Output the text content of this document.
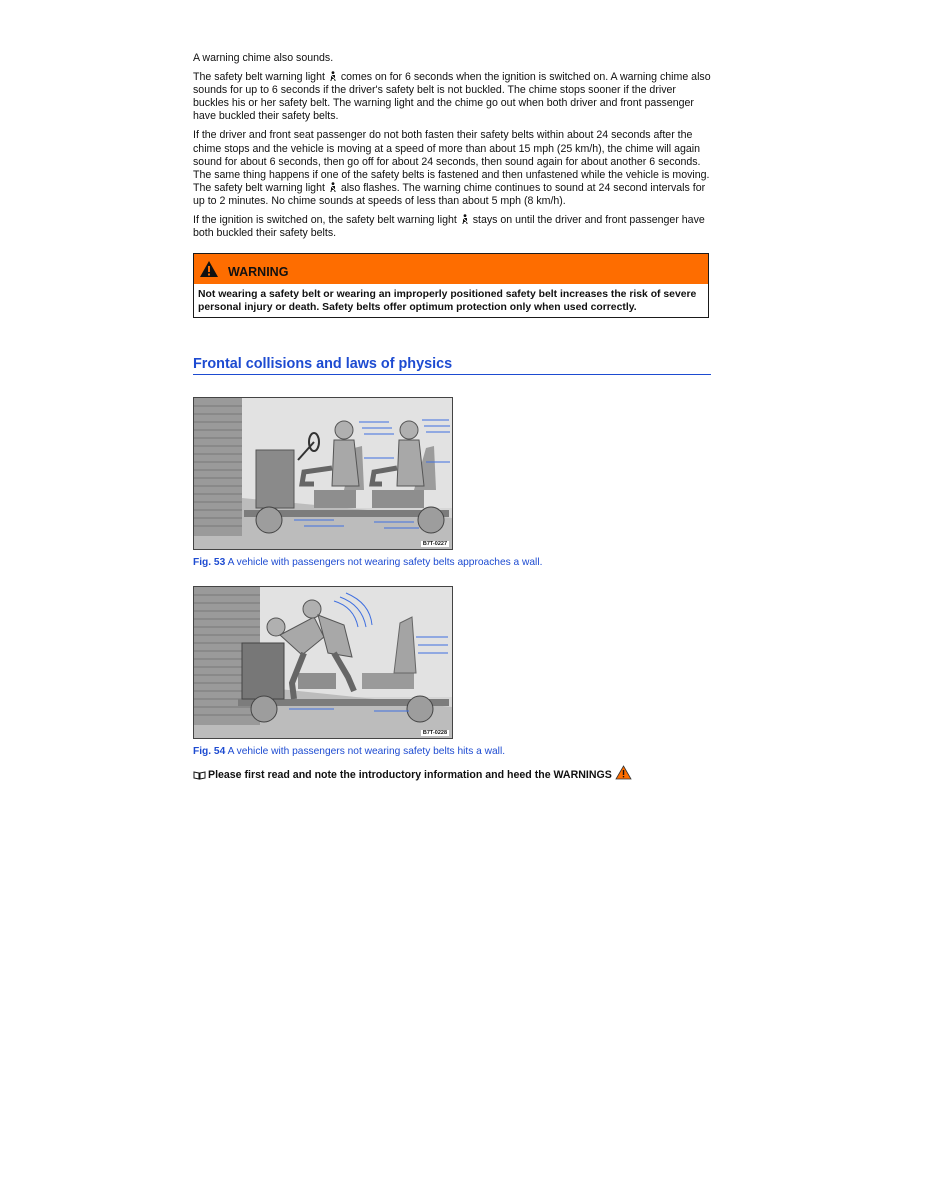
A warning chime also sounds.

The safety belt warning light comes on for 6 seconds when the ignition is switched on. A warning chime also sounds for up to 6 seconds if the driver's safety belt is not buckled. The chime stops sooner if the driver buckles his or her safety belt. The warning light and the chime go out when both driver and front passenger have buckled their safety belts.

If the driver and front seat passenger do not both fasten their safety belts within about 24 seconds after the chime stops and the vehicle is moving at a speed of more than about 15 mph (25 km/h), the chime will again sound for about 6 seconds, then go off for about 24 seconds, then sound again for about another 6 seconds. The same thing happens if one of the safety belts is fastened and then unfastened while the vehicle is moving. The safety belt warning light also flashes. The warning chime continues to sound at 24 second intervals for up to 2 minutes. No chime sounds at speeds of less than about 5 mph (8 km/h).

If the ignition is switched on, the safety belt warning light stays on until the driver and front passenger have both buckled their safety belts.

WARNING
Not wearing a safety belt or wearing an improperly positioned safety belt increases the risk of severe personal injury or death. Safety belts offer optimum protection only when used correctly.
Frontal collisions and laws of physics
B7T-0227
Fig. 53 A vehicle with passengers not wearing safety belts approaches a wall.
B7T-0228
Fig. 54 A vehicle with passengers not wearing safety belts hits a wall.
Please first read and note the introductory information and heed the WARNINGS
